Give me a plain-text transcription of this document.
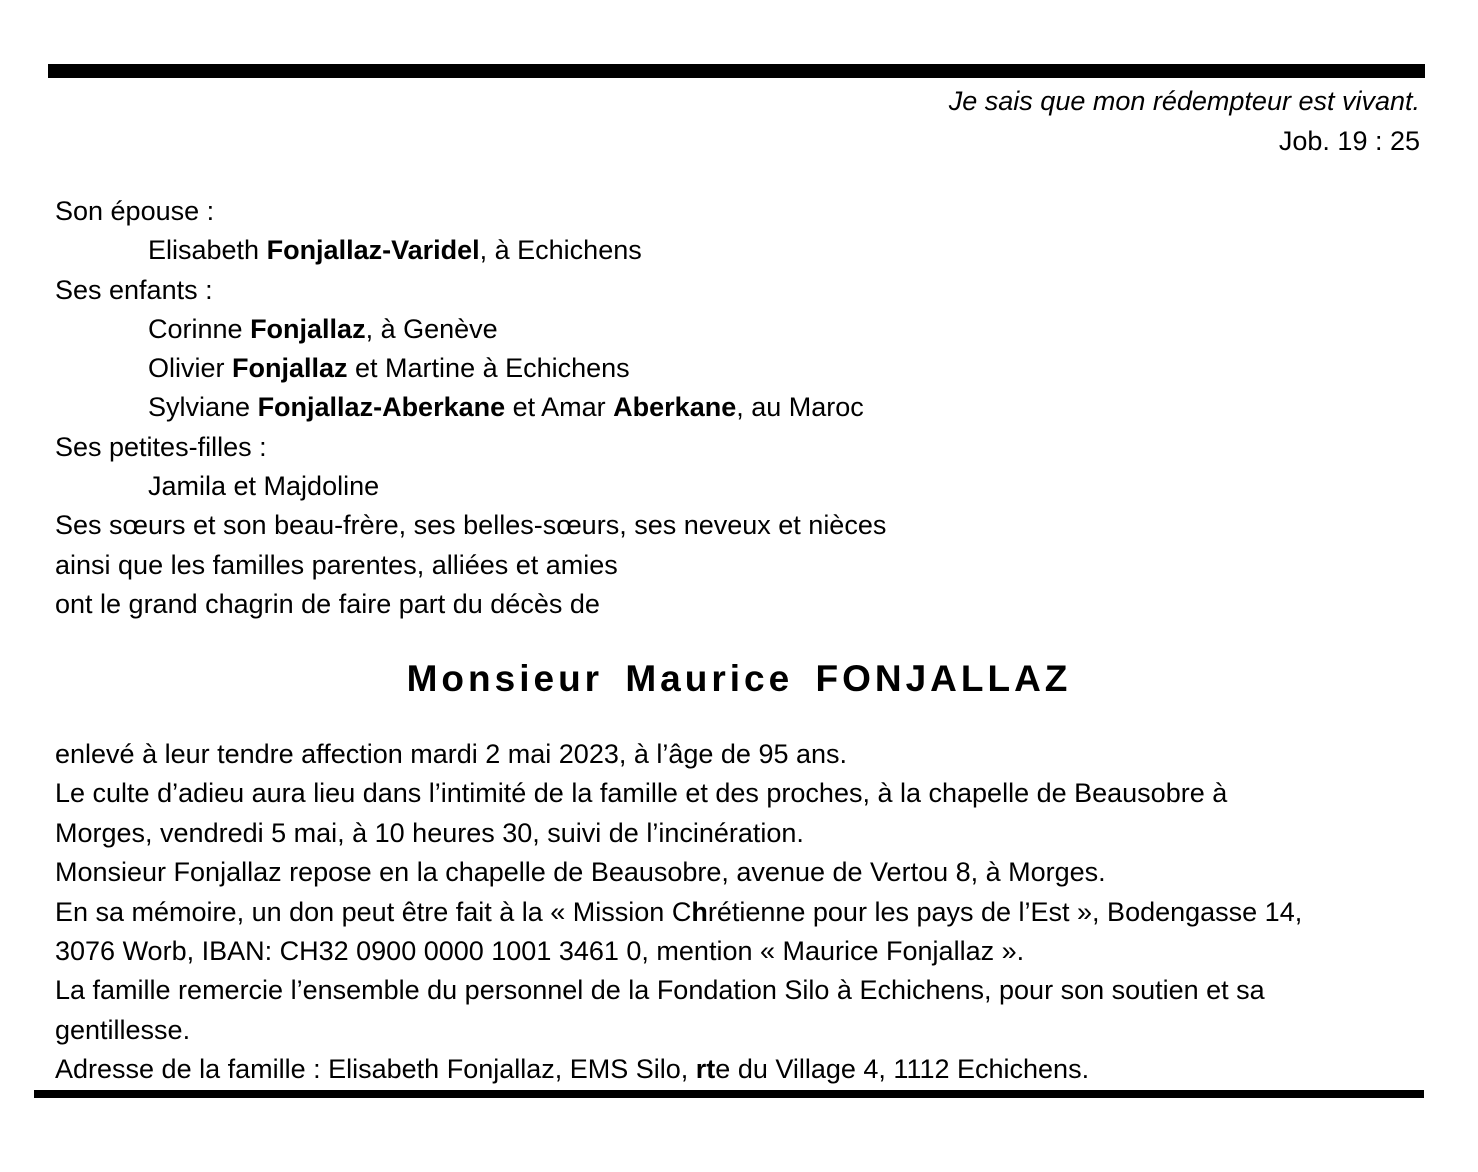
Je sais que mon rédempteur est vivant.
Job. 19 : 25
Son épouse :
Elisabeth Fonjallaz-Varidel, à Echichens
Ses enfants :
Corinne Fonjallaz, à Genève
Olivier Fonjallaz et Martine à Echichens
Sylviane Fonjallaz-Aberkane et Amar Aberkane, au Maroc
Ses petites-filles :
Jamila et Majdoline
Ses sœurs et son beau-frère, ses belles-sœurs, ses neveux et nièces
ainsi que les familles parentes, alliées et amies
ont le grand chagrin de faire part du décès de
Monsieur Maurice FONJALLAZ
enlevé à leur tendre affection mardi 2 mai 2023, à l’âge de 95 ans.
Le culte d’adieu aura lieu dans l’intimité de la famille et des proches, à la chapelle de Beausobre à
Morges, vendredi 5 mai, à 10 heures 30, suivi de l’incinération.
Monsieur Fonjallaz repose en la chapelle de Beausobre, avenue de Vertou 8, à Morges.
En sa mémoire, un don peut être fait à la « Mission Chrétienne pour les pays de l’Est », Bodengasse 14,
3076 Worb, IBAN: CH32 0900 0000 1001 3461 0, mention « Maurice Fonjallaz ».
La famille remercie l’ensemble du personnel de la Fondation Silo à Echichens, pour son soutien et sa
gentillesse.
Adresse de la famille : Elisabeth Fonjallaz, EMS Silo, rte du Village 4, 1112 Echichens.
